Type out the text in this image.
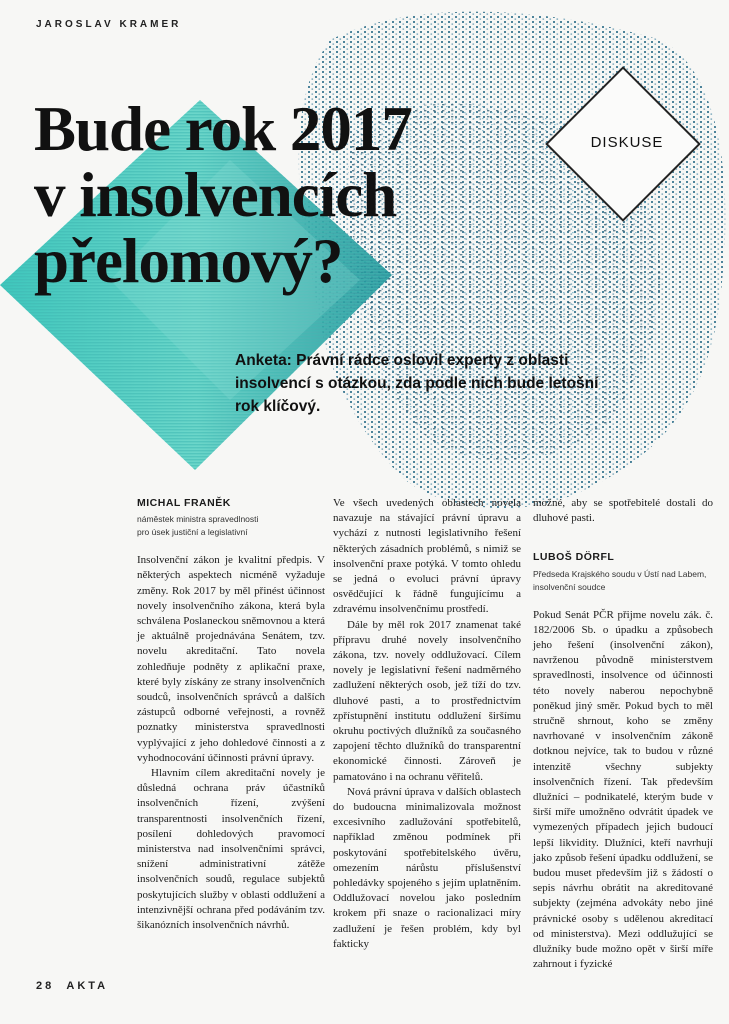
JAROSLAV KRAMER
Bude rok 2017
v insolvencích
přelomový?
DISKUSE

Anketa: Právní rádce oslovil experty z oblasti insolvencí s otázkou, zda podle nich bude letošní rok klíčový.

MICHAL FRANĚK

náměstek ministra spravedlnosti
pro úsek justiční a legislativní

Insolvenční zákon je kvalitní předpis. V některých aspektech nicméně vyžaduje změny. Rok 2017 by měl přinést účinnost novely insolvenčního zákona, která byla schválena Poslaneckou sněmovnou a která je aktuálně projednávána Senátem, tzv. novelu akreditační. Tato novela zohledňuje podněty z aplikační praxe, které byly získány ze strany insolvenčních soudců, insolvenčních správců a dalších zástupců odborné veřejnosti, a rovněž poznatky ministerstva spravedlnosti vyplývající z jeho dohledové činnosti a z vyhodnocování účinnosti právní úpravy.

Hlavním cílem akreditační novely je důsledná ochrana práv účastníků insolvenčních řízení, zvýšení transparentnosti insolvenčních řízení, posílení dohledových pravomocí ministerstva nad insolvenčními správci, snížení administrativní zátěže insolvenčních soudů, regulace subjektů poskytujících služby v oblasti oddlužení a intenzivnější ochrana před podáváním tzv. šikanózních insolvenčních návrhů.

Ve všech uvedených oblastech novela navazuje na stávající právní úpravu a vychází z nutnosti legislativního řešení některých zásadních problémů, s nimiž se insolvenční praxe potýká. V tomto ohledu se jedná o evoluci právní úpravy osvědčující k řádně fungujícímu a zdravému insolvenčnímu prostředí.

Dále by měl rok 2017 znamenat také přípravu druhé novely insolvenčního zákona, tzv. novely oddlužovací. Cílem novely je legislativní řešení nadměrného zadlužení některých osob, jež tíží do tzv. dluhové pasti, a to prostřednictvím zpřístupnění institutu oddlužení širšímu okruhu poctivých dlužníků za současného zapojení těchto dlužníků do transparentní ekonomické činnosti. Zároveň je pamatováno i na ochranu věřitelů.

Nová právní úprava v dalších oblastech do budoucna minimalizovala možnost excesivního zadlužování spotřebitelů, například změnou podmínek při poskytování spotřebitelského úvěru, omezením nárůstu příslušenství pohledávky spojeného s jejím uplatněním. Oddlužovací novelou jako posledním krokem při snaze o racionalizaci míry zadlužení je řešen problém, kdy byl fakticky

možné, aby se spotřebitelé dostali do dluhové pasti.

LUBOŠ DÖRFL

Předseda Krajského soudu v Ústí nad Labem,
insolvenční soudce

Pokud Senát PČR přijme novelu zák. č. 182/2006 Sb. o úpadku a způsobech jeho řešení (insolvenční zákon), navrženou původně ministerstvem spravedlnosti, insolvence od účinnosti této novely naberou nepochybně poněkud jiný směr. Pokud bych to měl stručně shrnout, koho se změny navrhované v insolvenčním zákoně dotknou nejvíce, tak to budou v různé intenzitě všechny subjekty insolvenčních řízení. Tak především dlužníci – podnikatelé, kterým bude v širší míře umožněno odvrátit úpadek ve vymezených případech jejich budoucí lepší likvidity. Dlužníci, kteří navrhují jako způsob řešení úpadku oddlužení, se budou muset především již s žádostí o sepis návrhu obrátit na akreditované subjekty (zejména advokáty nebo jiné právnické osoby s udělenou akreditací od ministerstva). Mezi oddlužující se dlužníky bude možno opět v širší míře zahrnout i fyzické

28 AKTA
